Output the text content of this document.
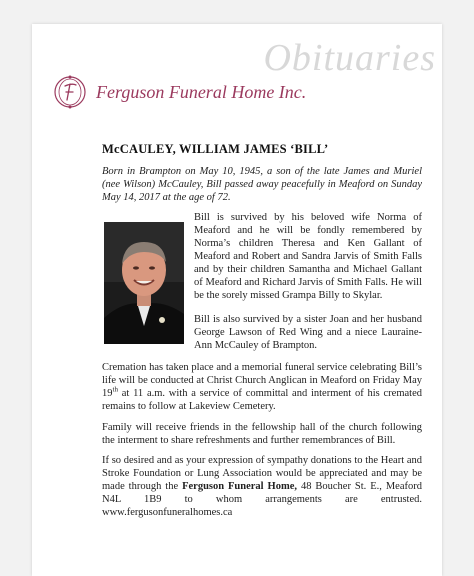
Obituaries
Ferguson Funeral Home Inc.
McCAULEY, WILLIAM JAMES ‘BILL’

Born in Brampton on May 10, 1945, a son of the late James and Muriel (nee Wilson) McCauley, Bill passed away peacefully in Meaford on Sunday May 14, 2017 at the age of 72.

Bill is survived by his beloved wife Norma of Meaford and he will be fondly remembered by Norma’s children Theresa and Ken Gallant of Meaford and Robert and Sandra Jarvis of Smith Falls and by their children Samantha and Michael Gallant of Meaford and Richard Jarvis of Smith Falls. He will be the sorely missed Grampa Billy to Skylar.

Bill is also survived by a sister Joan and her husband George Lawson of Red Wing and a niece Lauraine-Ann McCauley of Brampton.

Cremation has taken place and a memorial funeral service celebrating Bill’s life will be conducted at Christ Church Anglican in Meaford on Friday May 19th at 11 a.m. with a service of committal and interment of his cremated remains to follow at Lakeview Cemetery.

Family will receive friends in the fellowship hall of the church following the interment to share refreshments and further remembrances of Bill.

If so desired and as your expression of sympathy donations to the Heart and Stroke Foundation or Lung Association would be appreciated and may be made through the Ferguson Funeral Home, 48 Boucher St. E., Meaford N4L 1B9 to whom arrangements are entrusted. www.fergusonfuneralhomes.ca
